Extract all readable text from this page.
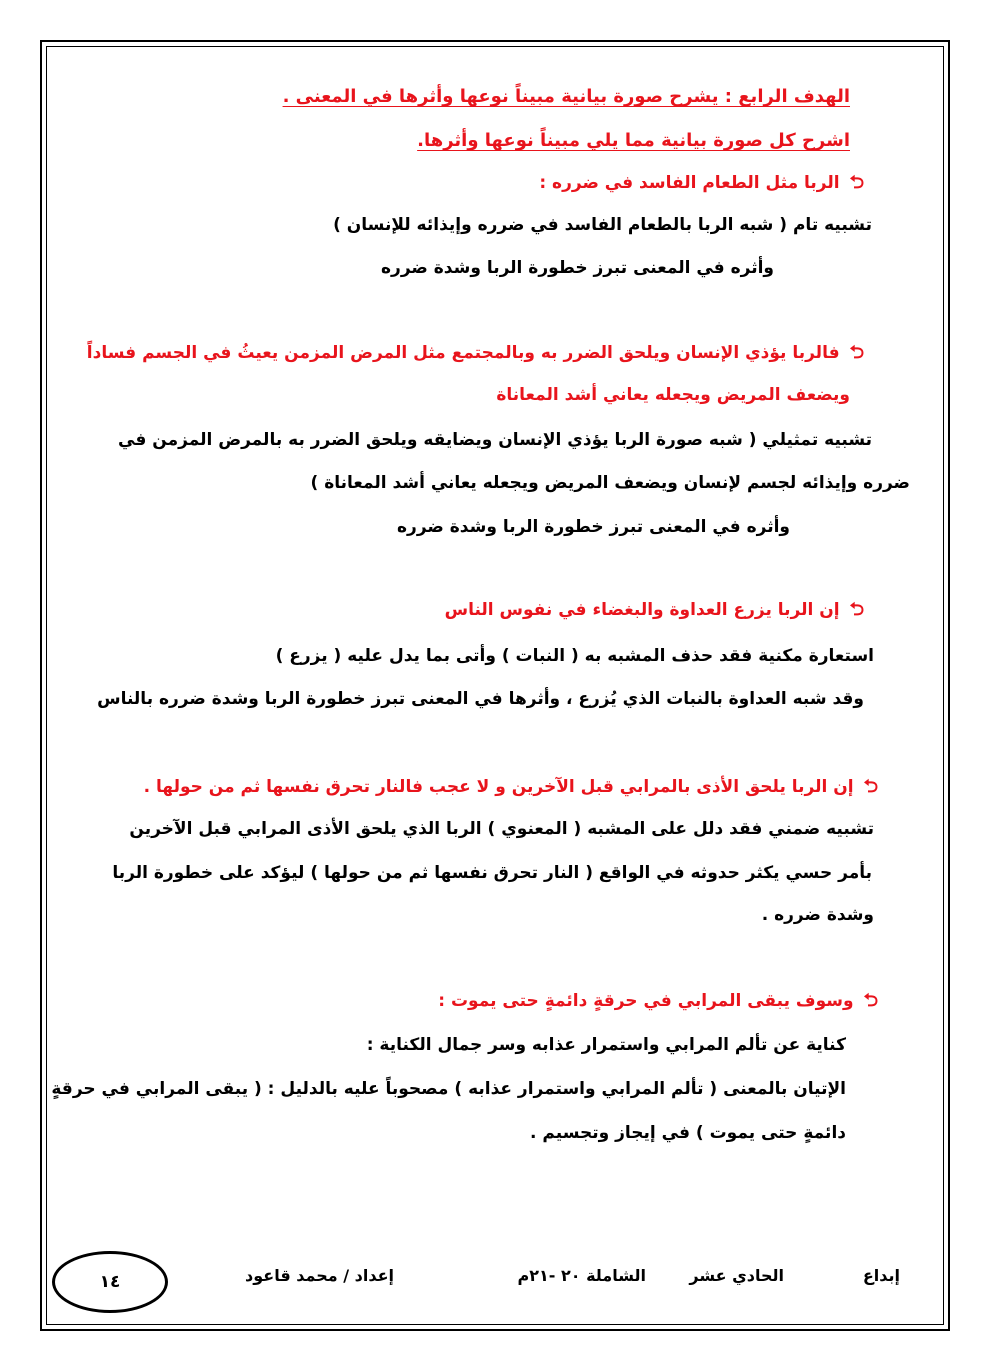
الهدف الرابع : يشرح صورة بيانية مبيناً نوعها وأثرها في المعنى .
اشرح كل صورة بيانية مما يلي مبيناً نوعها وأثرها.
⮌الربا مثل الطعام الفاسد في ضرره :
تشبيه تام ( شبه الربا بالطعام الفاسد في ضرره وإيذائه للإنسان )
وأثره في المعنى تبرز خطورة الربا وشدة ضرره
⮌فالربا يؤذي الإنسان ويلحق الضرر به وبالمجتمع مثل المرض المزمن يعيثُ في الجسم فساداً
ويضعف المريض ويجعله يعاني أشد المعاناة
تشبيه تمثيلي ( شبه صورة الربا يؤذي الإنسان ويضايقه ويلحق الضرر به بالمرض المزمن في
ضرره وإيذائه لجسم لإنسان ويضعف المريض ويجعله يعاني أشد المعاناة )
وأثره في المعنى تبرز خطورة الربا وشدة ضرره
⮌إن الربا يزرع العداوة والبغضاء في نفوس الناس
استعارة مكنية فقد حذف المشبه به ( النبات ) وأتى بما يدل عليه ( يزرع )
وقد شبه العداوة بالنبات الذي يُزرع ، وأثرها في المعنى تبرز خطورة الربا وشدة ضرره بالناس
⮌إن الربا يلحق الأذى بالمرابي قبل الآخرين و لا عجب فالنار تحرق نفسها ثم من حولها .
تشبيه ضمني فقد دلل على المشبه ( المعنوي ) الربا الذي يلحق الأذى المرابي قبل الآخرين
بأمر حسي يكثر حدوثه في الواقع ( النار تحرق نفسها ثم من حولها ) ليؤكد على خطورة الربا
وشدة ضرره .
⮌وسوف يبقى المرابي في حرقةٍ دائمةٍ حتى يموت :
كناية عن تألم المرابي واستمرار عذابه وسر جمال الكناية :
الإتيان بالمعنى ( تألم المرابي واستمرار عذابه ) مصحوباً عليه بالدليل : ( يبقى المرابي في حرقةٍ
دائمةٍ حتى يموت ) في إيجاز وتجسيم .
إبداع
الحادي عشر
الشاملة ٢٠ -٢١م
إعداد / محمد قاعود
١٤
